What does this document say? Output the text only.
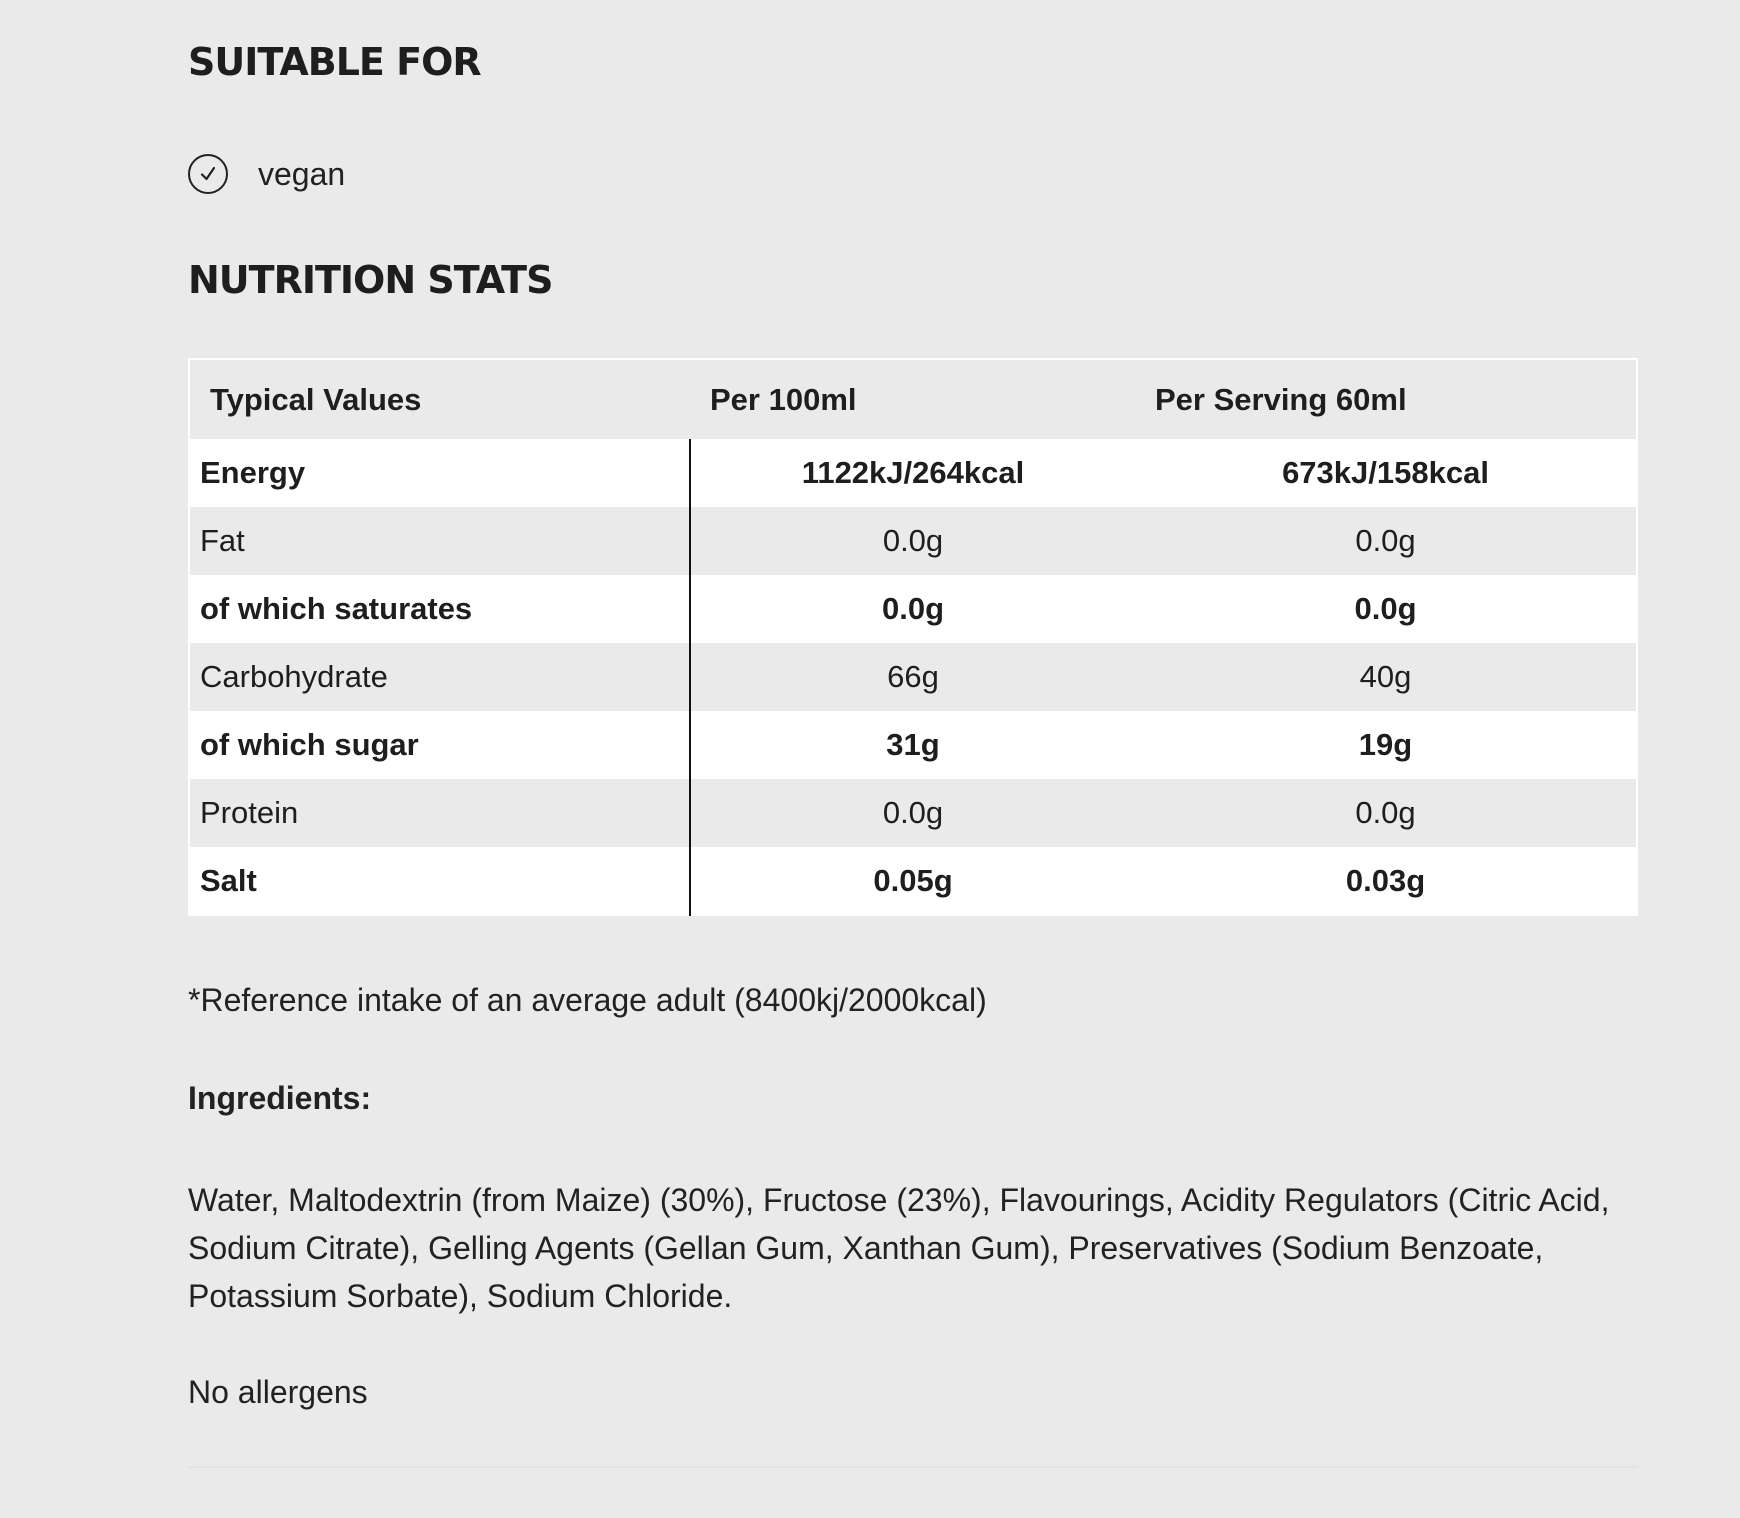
SUITABLE FOR
vegan
NUTRITION STATS
Typical Values	Per 100ml	Per Serving 60ml
Energy	1122kJ/264kcal	673kJ/158kcal
Fat	0.0g	0.0g
of which saturates	0.0g	0.0g
Carbohydrate	66g	40g
of which sugar	31g	19g
Protein	0.0g	0.0g
Salt	0.05g	0.03g

*Reference intake of an average adult (8400kj/2000kcal)

Ingredients:

Water, Maltodextrin (from Maize) (30%), Fructose (23%), Flavourings, Acidity Regulators (Citric Acid, Sodium Citrate), Gelling Agents (Gellan Gum, Xanthan Gum), Preservatives (Sodium Benzoate, Potassium Sorbate), Sodium Chloride.

No allergens
